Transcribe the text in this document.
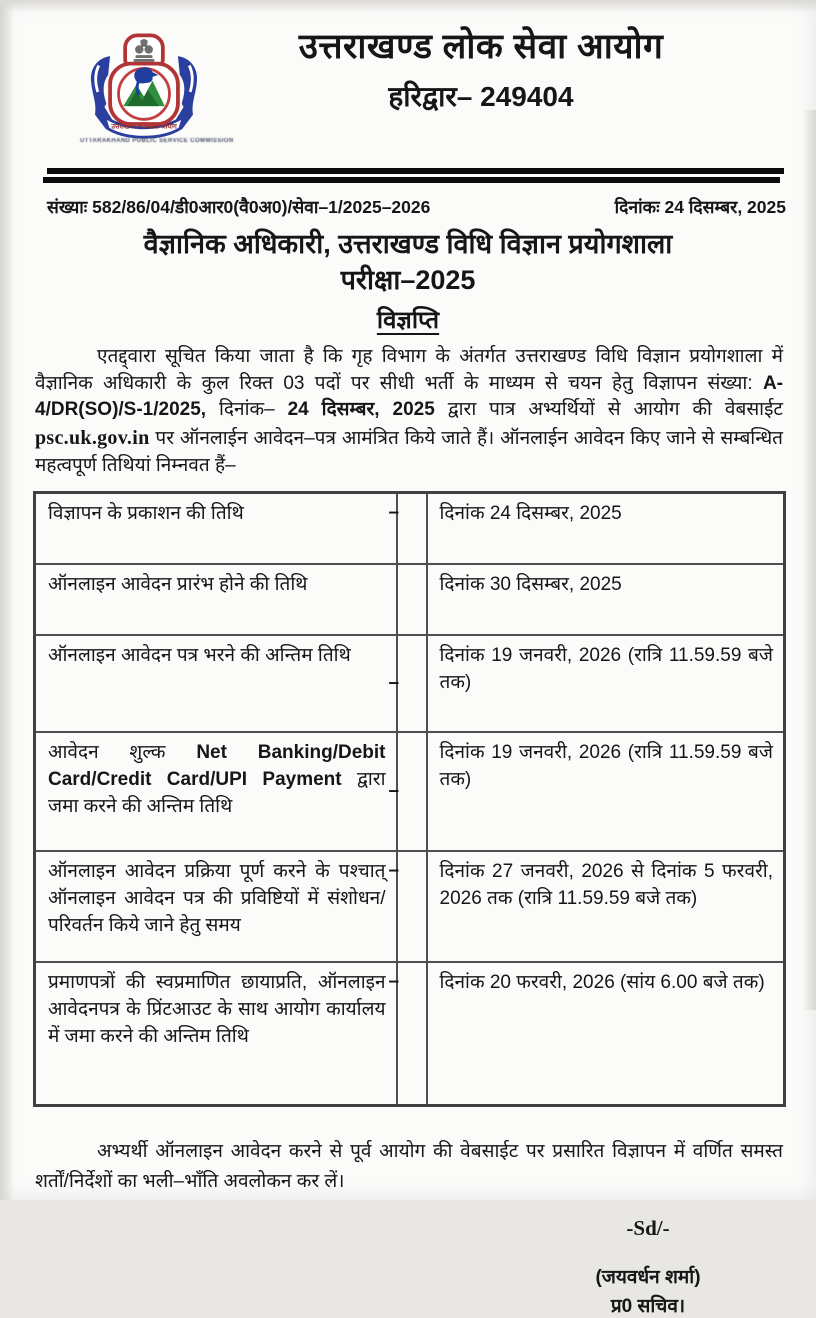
उत्तराखण्ड लोकसेवा आयोग
UTTARAKHAND PUBLIC SERVICE COMMISSION
उत्तराखण्ड लोक सेवा आयोग
हरिद्वार– 249404
संख्याः 582/86/04/डी0आर0(वै0अ0)/सेवा–1/2025–2026	दिनांकः 24 दिसम्बर, 2025
वैज्ञानिक अधिकारी, उत्तराखण्ड विधि विज्ञान प्रयोगशाला
परीक्षा–2025
विज्ञप्ति

एतद्द्वारा सूचित किया जाता है कि गृह विभाग के अंतर्गत उत्तराखण्ड विधि विज्ञान प्रयोगशाला में वैज्ञानिक अधिकारी के कुल रिक्त 03 पदों पर सीधी भर्ती के माध्यम से चयन हेतु विज्ञापन संख्या: A-4/DR(SO)/S-1/2025, दिनांक– 24 दिसम्बर, 2025 द्वारा पात्र अभ्यर्थियों से आयोग की वेबसाईट psc.uk.gov.in पर ऑनलाईन आवेदन–पत्र आमंत्रित किये जाते हैं। ऑनलाईन आवेदन किए जाने से सम्बन्धित महत्वपूर्ण तिथियां निम्नवत हैं–

विज्ञापन के प्रकाशन की तिथि	–	दिनांक 24 दिसम्बर, 2025
ऑनलाइन आवेदन प्रारंभ होने की तिथि		दिनांक 30 दिसम्बर, 2025
ऑनलाइन आवेदन पत्र भरने की अन्तिम तिथि	–	दिनांक 19 जनवरी, 2026 (रात्रि 11.59.59 बजे तक)
आवेदन शुल्क Net Banking/Debit Card/Credit Card/UPI Payment द्वारा जमा करने की अन्तिम तिथि	–	दिनांक 19 जनवरी, 2026 (रात्रि 11.59.59 बजे तक)
ऑनलाइन आवेदन प्रक्रिया पूर्ण करने के पश्चात् ऑनलाइन आवेदन पत्र की प्रविष्टियों में संशोधन/परिवर्तन किये जाने हेतु समय	–	दिनांक 27 जनवरी, 2026 से दिनांक 5 फरवरी, 2026 तक (रात्रि 11.59.59 बजे तक)
प्रमाणपत्रों की स्वप्रमाणित छायाप्रति, ऑनलाइन आवेदनपत्र के प्रिंटआउट के साथ आयोग कार्यालय में जमा करने की अन्तिम तिथि	–	दिनांक 20 फरवरी, 2026 (सांय 6.00 बजे तक)

अभ्यर्थी ऑनलाइन आवेदन करने से पूर्व आयोग की वेबसाईट पर प्रसारित विज्ञापन में वर्णित समस्त शर्तों/निर्देशों का भली–भाँति अवलोकन कर लें।

-Sd/-
(जयवर्धन शर्मा)
प्र0 सचिव।
